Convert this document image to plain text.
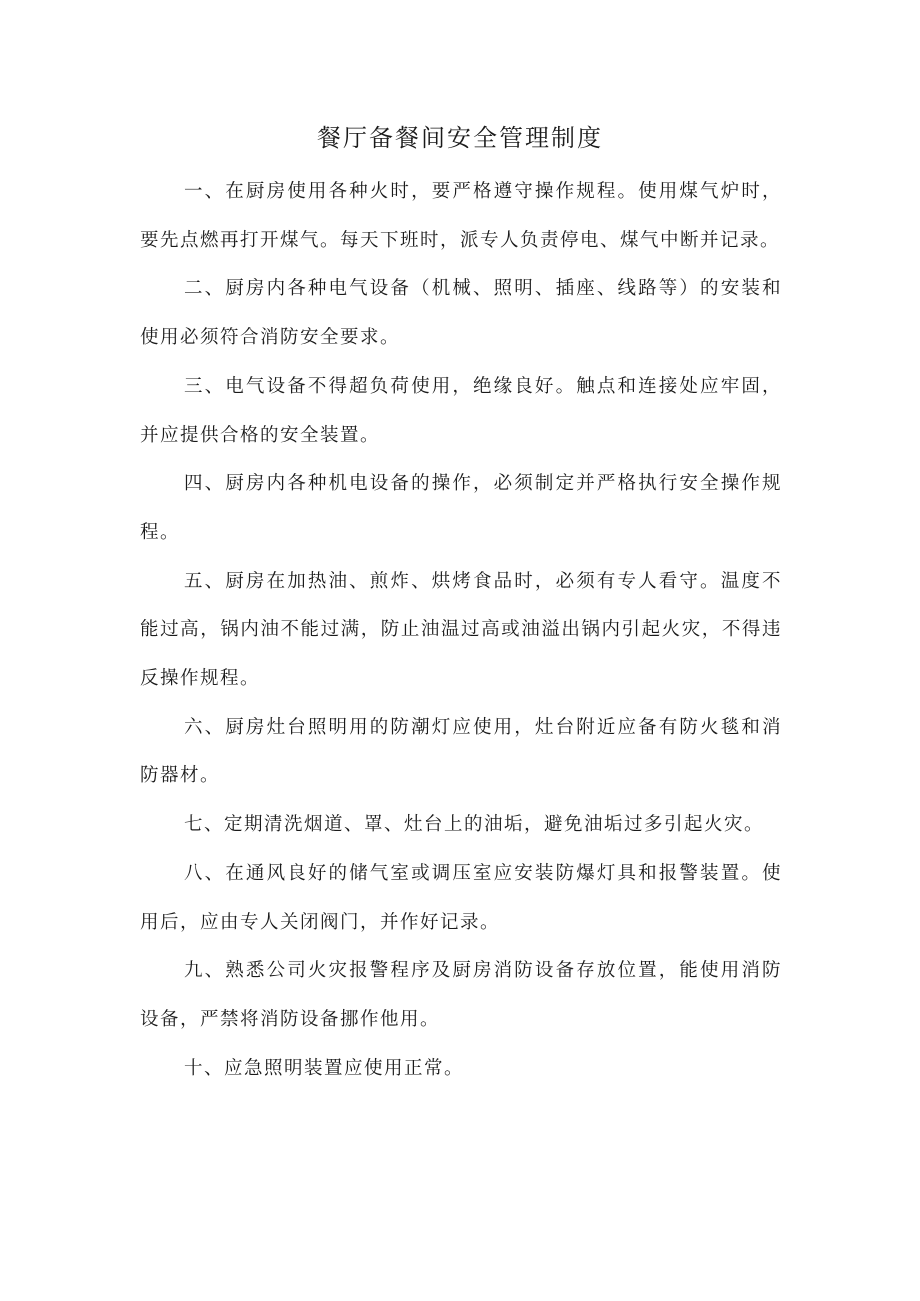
餐厅备餐间安全管理制度

一、在厨房使用各种火时，要严格遵守操作规程。使用煤气炉时，要先点燃再打开煤气。每天下班时，派专人负责停电、煤气中断并记录。

二、厨房内各种电气设备（机械、照明、插座、线路等）的安装和使用必须符合消防安全要求。

三、电气设备不得超负荷使用，绝缘良好。触点和连接处应牢固，并应提供合格的安全装置。

四、厨房内各种机电设备的操作，必须制定并严格执行安全操作规程。

五、厨房在加热油、煎炸、烘烤食品时，必须有专人看守。温度不能过高，锅内油不能过满，防止油温过高或油溢出锅内引起火灾，不得违反操作规程。

六、厨房灶台照明用的防潮灯应使用，灶台附近应备有防火毯和消防器材。

七、定期清洗烟道、罩、灶台上的油垢，避免油垢过多引起火灾。

八、在通风良好的储气室或调压室应安装防爆灯具和报警装置。使用后，应由专人关闭阀门，并作好记录。

九、熟悉公司火灾报警程序及厨房消防设备存放位置，能使用消防设备，严禁将消防设备挪作他用。

十、应急照明装置应使用正常。
